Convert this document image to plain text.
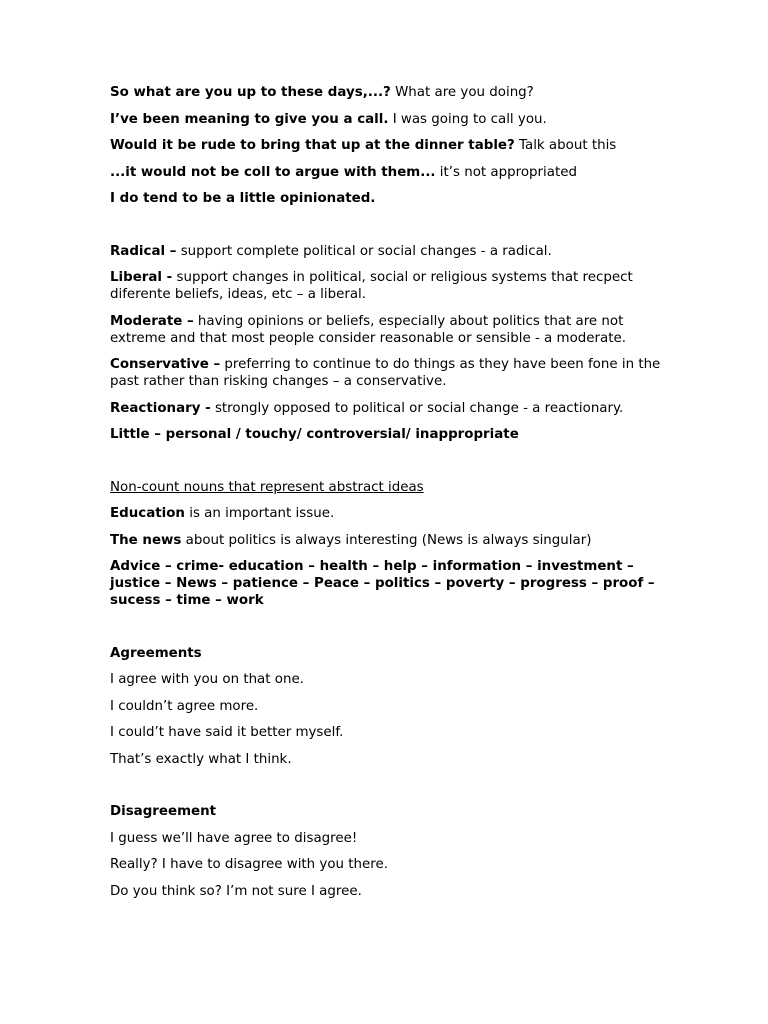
So what are you up to these days,...? What are you doing?

I’ve been meaning to give you a call. I was going to call you.

Would it be rude to bring that up at the dinner table? Talk about this

...it would not be coll to argue with them... it’s not appropriated

I do tend to be a little opinionated.

Radical – support complete political or social changes - a radical.

Liberal - support changes in political, social or religious systems that recpect diferente beliefs, ideas, etc – a liberal.

Moderate – having opinions or beliefs, especially about politics that are not extreme and that most people consider reasonable or sensible - a moderate.

Conservative – preferring to continue to do things as they have been fone in the past rather than risking changes – a conservative.

Reactionary - strongly opposed to political or social change - a reactionary.

Little – personal / touchy/ controversial/ inappropriate

Non-count nouns that represent abstract ideas

Education is an important issue.

The news about politics is always interesting (News is always singular)

Advice – crime- education – health – help – information – investment – justice – News – patience – Peace – politics – poverty – progress – proof – sucess – time – work

Agreements

I agree with you on that one.

I couldn’t agree more.

I could’t have said it better myself.

That’s exactly what I think.

Disagreement

I guess we’ll have agree to disagree!

Really? I have to disagree with you there.

Do you think so? I’m not sure I agree.
